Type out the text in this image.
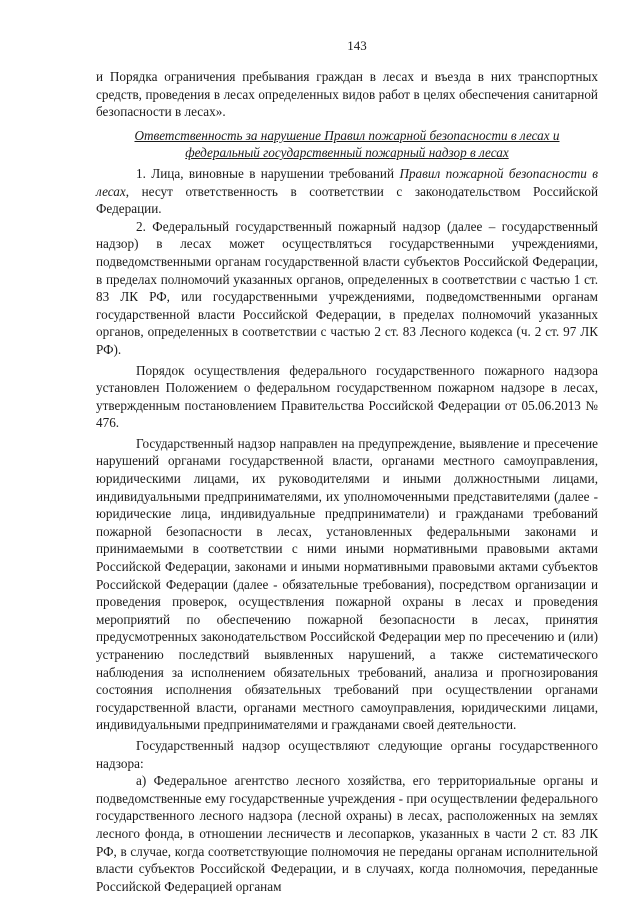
143

и Порядка ограничения пребывания граждан в лесах и въезда в них транспортных средств, проведения в лесах определенных видов работ в целях обеспечения санитарной безопасности в лесах».

Ответственность за нарушение Правил пожарной безопасности в лесах и федеральный государственный пожарный надзор в лесах

1. Лица, виновные в нарушении требований Правил пожарной безопасности в лесах, несут ответственность в соответствии с законодательством Российской Федерации.

2. Федеральный государственный пожарный надзор (далее – государственный надзор) в лесах может осуществляться государственными учреждениями, подведомственными органам государственной власти субъектов Российской Федерации, в пределах полномочий указанных органов, определенных в соответствии с частью 1 ст. 83 ЛК РФ, или государственными учреждениями, подведомственными органам государственной власти Российской Федерации, в пределах полномочий указанных органов, определенных в соответствии с частью 2 ст. 83 Лесного кодекса (ч. 2 ст. 97 ЛК РФ).

Порядок осуществления федерального государственного пожарного надзора установлен Положением о федеральном государственном пожарном надзоре в лесах, утвержденным постановлением Правительства Российской Федерации от 05.06.2013 № 476.

Государственный надзор направлен на предупреждение, выявление и пресечение нарушений органами государственной власти, органами местного самоуправления, юридическими лицами, их руководителями и иными должностными лицами, индивидуальными предпринимателями, их уполномоченными представителями (далее - юридические лица, индивидуальные предприниматели) и гражданами требований пожарной безопасности в лесах, установленных федеральными законами и принимаемыми в соответствии с ними иными нормативными правовыми актами Российской Федерации, законами и иными нормативными правовыми актами субъектов Российской Федерации (далее - обязательные требования), посредством организации и проведения проверок, осуществления пожарной охраны в лесах и проведения мероприятий по обеспечению пожарной безопасности в лесах, принятия предусмотренных законодательством Российской Федерации мер по пресечению и (или) устранению последствий выявленных нарушений, а также систематического наблюдения за исполнением обязательных требований, анализа и прогнозирования состояния исполнения обязательных требований при осуществлении органами государственной власти, органами местного самоуправления, юридическими лицами, индивидуальными предпринимателями и гражданами своей деятельности.

Государственный надзор осуществляют следующие органы государственного надзора:

а) Федеральное агентство лесного хозяйства, его территориальные органы и подведомственные ему государственные учреждения - при осуществлении федерального государственного лесного надзора (лесной охраны) в лесах, расположенных на землях лесного фонда, в отношении лесничеств и лесопарков, указанных в части 2 ст. 83 ЛК РФ, в случае, когда соответствующие полномочия не переданы органам исполнительной власти субъектов Российской Федерации, и в случаях, когда полномочия, переданные Российской Федерацией органам
